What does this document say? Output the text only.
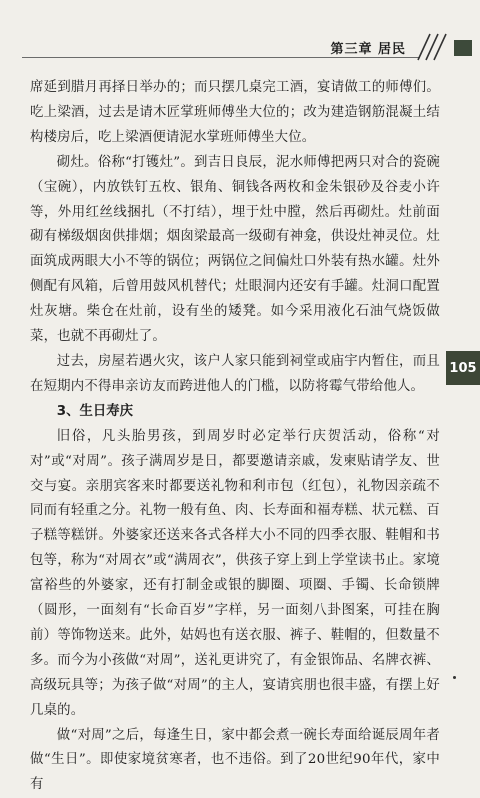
第三章 居民
105

席延到腊月再择日举办的；而只摆几桌完工酒，宴请做工的师傅们。吃上梁酒，过去是请木匠掌班师傅坐大位的；改为建造钢筋混凝土结构楼房后，吃上梁酒便请泥水掌班师傅坐大位。

砌灶。俗称“打镬灶”。到吉日良辰，泥水师傅把两只对合的瓷碗（宝碗），内放铁钉五枚、银角、铜钱各两枚和金朱银砂及谷麦小许等，外用红丝线捆扎（不打结），埋于灶中膛，然后再砌灶。灶前面砌有梯级烟囱供排烟；烟囱梁最高一级砌有神龛，供设灶神灵位。灶面筑成两眼大小不等的锅位；两锅位之间偏灶口外装有热水罐。灶外侧配有风箱，后曾用鼓风机替代；灶眼洞内还安有手罐。灶洞口配置灶灰塘。柴仓在灶前，设有坐的矮凳。如今采用液化石油气烧饭做菜，也就不再砌灶了。

过去，房屋若遇火灾，该户人家只能到祠堂或庙宇内暂住，而且在短期内不得串亲访友而跨进他人的门槛，以防将霉气带给他人。

3、生日寿庆

旧俗，凡头胎男孩，到周岁时必定举行庆贺活动，俗称“对对”或“对周”。孩子满周岁是日，都要邀请亲戚，发柬贴请学友、世交与宴。亲朋宾客来时都要送礼物和利市包（红包），礼物因亲疏不同而有轻重之分。礼物一般有鱼、肉、长寿面和福寿糕、状元糕、百子糕等糕饼。外婆家还送来各式各样大小不同的四季衣服、鞋帽和书包等，称为“对周衣”或“满周衣”，供孩子穿上到上学堂读书止。家境富裕些的外婆家，还有打制金或银的脚圈、项圈、手镯、长命锁牌（圆形，一面刻有“长命百岁”字样，另一面刻八卦图案，可挂在胸前）等饰物送来。此外，姑妈也有送衣服、裤子、鞋帽的，但数量不多。而今为小孩做“对周”，送礼更讲究了，有金银饰品、名牌衣裤、高级玩具等；为孩子做“对周”的主人，宴请宾朋也很丰盛，有摆上好几桌的。

做“对周”之后，每逢生日，家中都会煮一碗长寿面给诞辰周年者做“生日”。即使家境贫寒者，也不违俗。到了20世纪90年代，家中有
